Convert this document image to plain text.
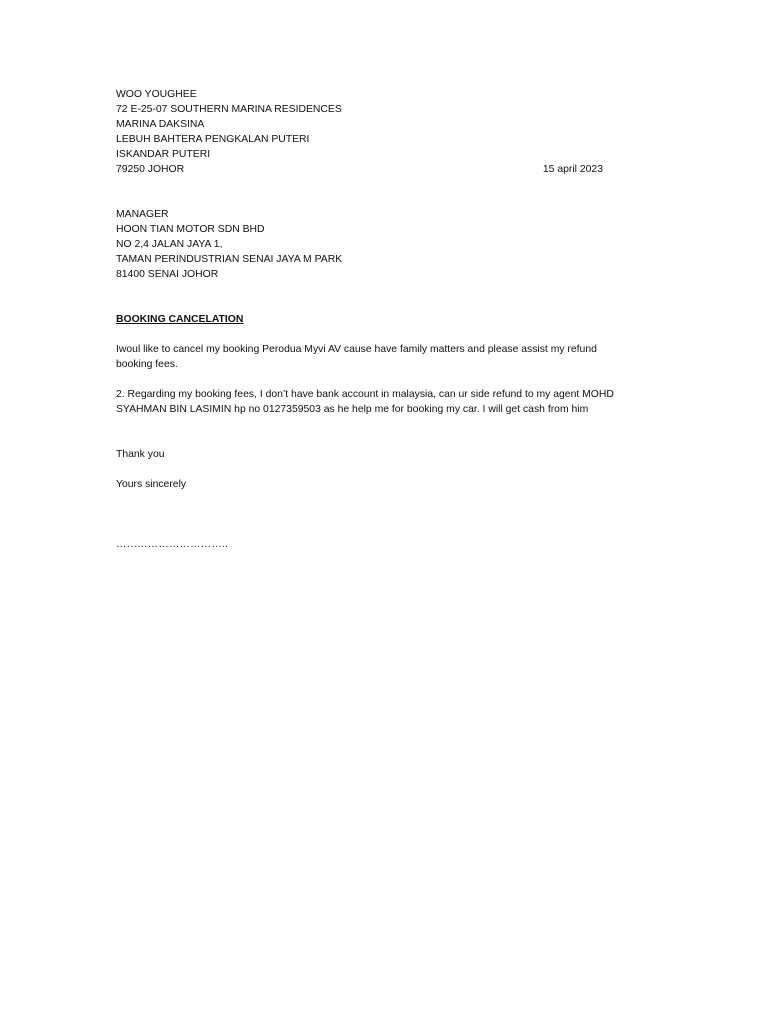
WOO YOUGHEE
72 E-25-07 SOUTHERN MARINA RESIDENCES
MARINA DAKSINA
LEBUH BAHTERA PENGKALAN PUTERI
ISKANDAR PUTERI
79250 JOHOR	15 april 2023
MANAGER
HOON TIAN MOTOR SDN BHD
NO 2,4 JALAN JAYA 1,
TAMAN PERINDUSTRIAN SENAI JAYA M PARK
81400 SENAI JOHOR
BOOKING CANCELATION
Iwoul like to cancel my booking Perodua Myvi AV cause have family matters and please assist my refund booking fees.
2. Regarding my booking fees, I don’t have bank account in malaysia, can ur side refund to my agent MOHD SYAHMAN BIN LASIMIN hp no 0127359503 as he help me for booking my car. I will get cash from him
Thank you
Yours sincerely
…………………………..
